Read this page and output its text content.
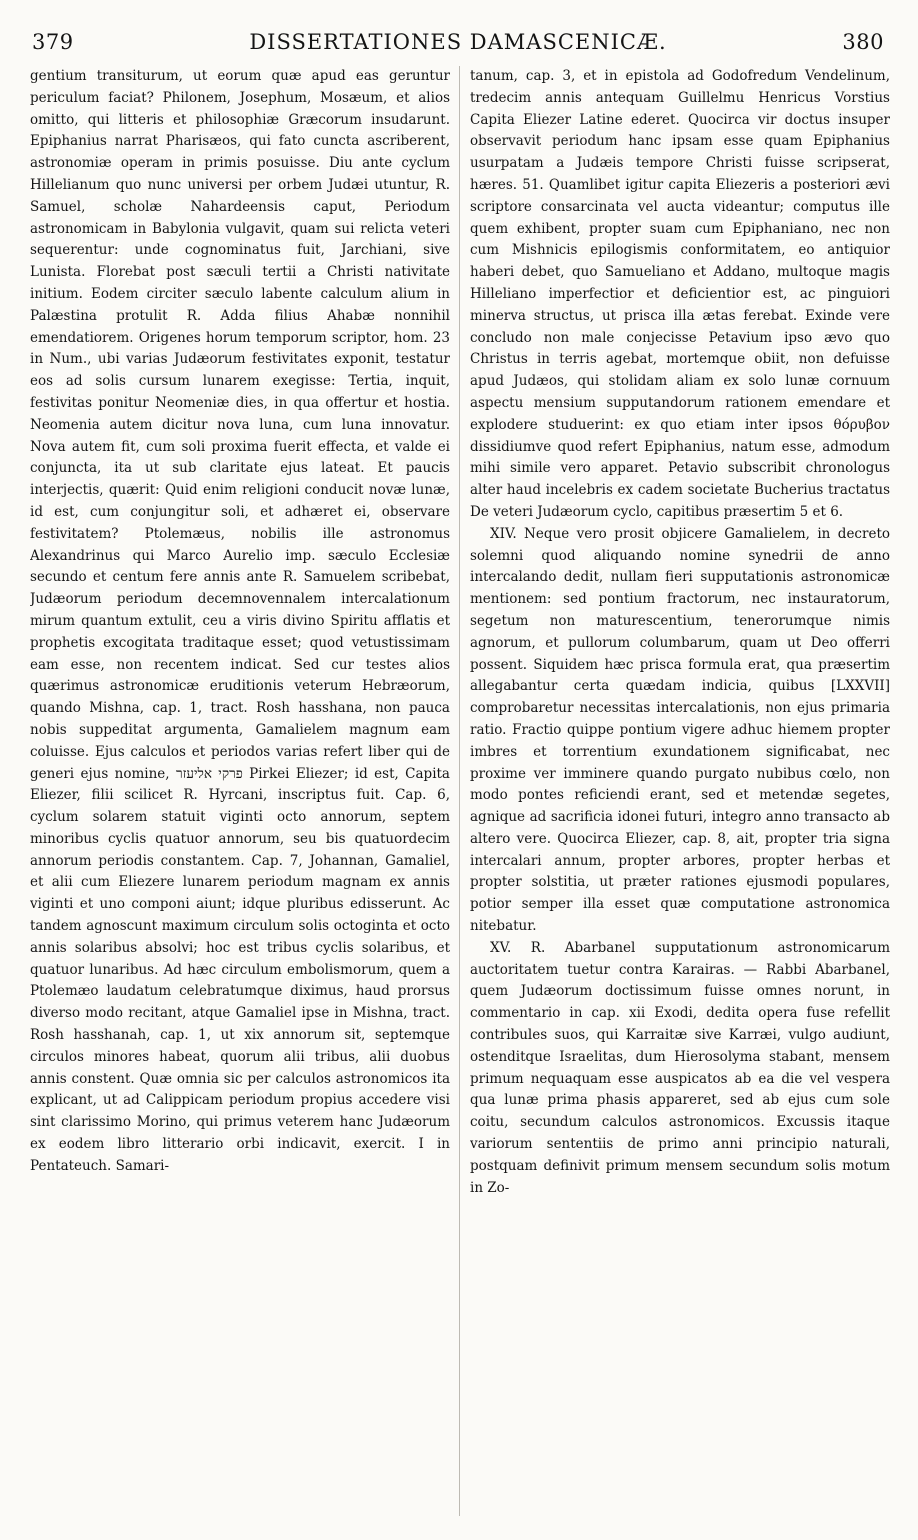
379	DISSERTATIONES DAMASCENICÆ.	380

gentium transiturum, ut eorum quæ apud eas geruntur periculum faciat? Philonem, Josephum, Mosæum, et alios omitto, qui litteris et philosophiæ Græcorum insudarunt. Epiphanius narrat Pharisæos, qui fato cuncta ascriberent, astronomiæ operam in primis posuisse. Diu ante cyclum Hillelianum quo nunc universi per orbem Judæi utuntur, R. Samuel, scholæ Nahardeensis caput, Periodum astronomicam in Babylonia vulgavit, quam sui relicta veteri sequerentur: unde cognominatus fuit, Jarchiani, sive Lunista. Florebat post sæculi tertii a Christi nativitate initium. Eodem circiter sæculo labente calculum alium in Palæstina protulit R. Adda filius Ahabæ nonnihil emendatiorem. Origenes horum temporum scriptor, hom. 23 in Num., ubi varias Judæorum festivitates exponit, testatur eos ad solis cursum lunarem exegisse: Tertia, inquit, festivitas ponitur Neomeniæ dies, in qua offertur et hostia. Neomenia autem dicitur nova luna, cum luna innovatur. Nova autem fit, cum soli proxima fuerit effecta, et valde ei conjuncta, ita ut sub claritate ejus lateat. Et paucis interjectis, quærit: Quid enim religioni conducit novæ lunæ, id est, cum conjungitur soli, et adhæret ei, observare festivitatem? Ptolemæus, nobilis ille astronomus Alexandrinus qui Marco Aurelio imp. sæculo Ecclesiæ secundo et centum fere annis ante R. Samuelem scribebat, Judæorum periodum decemnovennalem intercalationum mirum quantum extulit, ceu a viris divino Spiritu afflatis et prophetis excogitata traditaque esset; quod vetustissimam eam esse, non recentem indicat. Sed cur testes alios quærimus astronomicæ eruditionis veterum Hebræorum, quando Mishna, cap. 1, tract. Rosh hasshana, non pauca nobis suppeditat argumenta, Gamalielem magnum eam coluisse. Ejus calculos et periodos varias refert liber qui de generi ejus nomine, פרקי אליעזר Pirkei Eliezer; id est, Capita Eliezer, filii scilicet R. Hyrcani, inscriptus fuit. Cap. 6, cyclum solarem statuit viginti octo annorum, septem minoribus cyclis quatuor annorum, seu bis quatuordecim annorum periodis constantem. Cap. 7, Johannan, Gamaliel, et alii cum Eliezere lunarem periodum magnam ex annis viginti et uno componi aiunt; idque pluribus edisserunt. Ac tandem agnoscunt maximum circulum solis octoginta et octo annis solaribus absolvi; hoc est tribus cyclis solaribus, et quatuor lunaribus. Ad hæc circulum embolismorum, quem a Ptolemæo laudatum celebratumque diximus, haud prorsus diverso modo recitant, atque Gamaliel ipse in Mishna, tract. Rosh hasshanah, cap. 1, ut xix annorum sit, septemque circulos minores habeat, quorum alii tribus, alii duobus annis constent. Quæ omnia sic per calculos astronomicos ita explicant, ut ad Calippicam periodum propius accedere visi sint clarissimo Morino, qui primus veterem hanc Judæorum ex eodem libro litterario orbi indicavit, exercit. I in Pentateuch. Samari-

tanum, cap. 3, et in epistola ad Godofredum Vendelinum, tredecim annis antequam Guillelmu Henricus Vorstius Capita Eliezer Latine ederet. Quocirca vir doctus insuper observavit periodum hanc ipsam esse quam Epiphanius usurpatam a Judæis tempore Christi fuisse scripserat, hæres. 51. Quamlibet igitur capita Eliezeris a posteriori ævi scriptore consarcinata vel aucta videantur; computus ille quem exhibent, propter suam cum Epiphaniano, nec non cum Mishnicis epilogismis conformitatem, eo antiquior haberi debet, quo Samueliano et Addano, multoque magis Hilleliano imperfectior et deficientior est, ac pinguiori minerva structus, ut prisca illa ætas ferebat. Exinde vere concludo non male conjecisse Petavium ipso ævo quo Christus in terris agebat, mortemque obiit, non defuisse apud Judæos, qui stolidam aliam ex solo lunæ cornuum aspectu mensium supputandorum rationem emendare et explodere studuerint: ex quo etiam inter ipsos θόρυβον dissidiumve quod refert Epiphanius, natum esse, admodum mihi simile vero apparet. Petavio subscribit chronologus alter haud incelebris ex cadem societate Bucherius tractatus De veteri Judæorum cyclo, capitibus præsertim 5 et 6.

XIV. Neque vero prosit objicere Gamalielem, in decreto solemni quod aliquando nomine synedrii de anno intercalando dedit, nullam fieri supputationis astronomicæ mentionem: sed pontium fractorum, nec instauratorum, segetum non maturescentium, tenerorumque nimis agnorum, et pullorum columbarum, quam ut Deo offerri possent. Siquidem hæc prisca formula erat, qua præsertim allegabantur certa quædam indicia, quibus [LXXVII] comprobaretur necessitas intercalationis, non ejus primaria ratio. Fractio quippe pontium vigere adhuc hiemem propter imbres et torrentium exundationem significabat, nec proxime ver imminere quando purgato nubibus cœlo, non modo pontes reficiendi erant, sed et metendæ segetes, agnique ad sacrificia idonei futuri, integro anno transacto ab altero vere. Quocirca Eliezer, cap. 8, ait, propter tria signa intercalari annum, propter arbores, propter herbas et propter solstitia, ut præter rationes ejusmodi populares, potior semper illa esset quæ computatione astronomica nitebatur.

XV. R. Abarbanel supputationum astronomicarum auctoritatem tuetur contra Karairas. — Rabbi Abarbanel, quem Judæorum doctissimum fuisse omnes norunt, in commentario in cap. xii Exodi, dedita opera fuse refellit contribules suos, qui Karraitæ sive Karræi, vulgo audiunt, ostenditque Israelitas, dum Hierosolyma stabant, mensem primum nequaquam esse auspicatos ab ea die vel vespera qua lunæ prima phasis appareret, sed ab ejus cum sole coitu, secundum calculos astronomicos. Excussis itaque variorum sententiis de primo anni principio naturali, postquam definivit primum mensem secundum solis motum in Zo-
